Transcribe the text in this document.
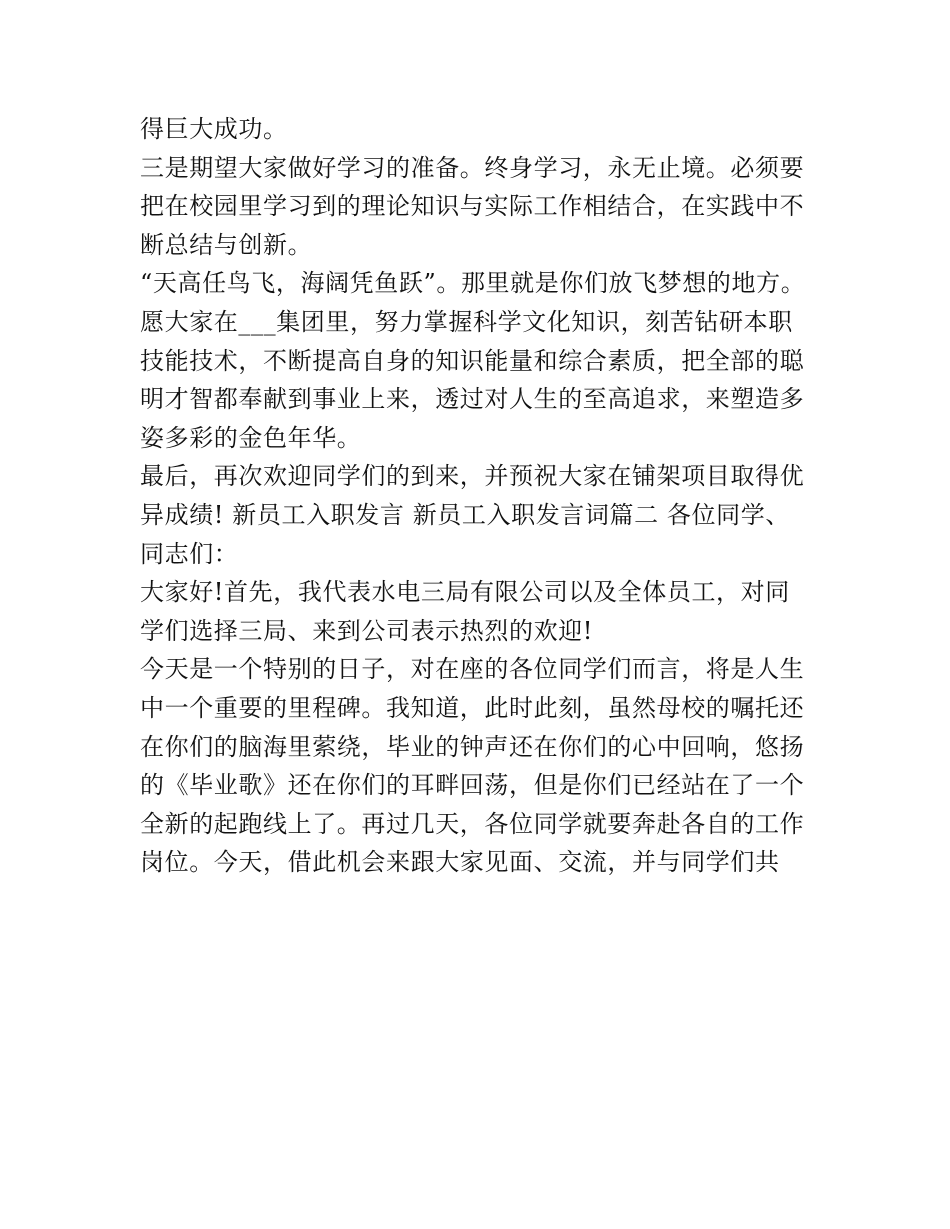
得巨大成功。
三是期望大家做好学习的准备。终身学习，永无止境。必须要
把在校园里学习到的理论知识与实际工作相结合，在实践中不
断总结与创新。
“天高任鸟飞，海阔凭鱼跃”。那里就是你们放飞梦想的地方。
愿大家在___集团里，努力掌握科学文化知识，刻苦钻研本职
技能技术，不断提高自身的知识能量和综合素质，把全部的聪
明才智都奉献到事业上来，透过对人生的至高追求，来塑造多
姿多彩的金色年华。
最后，再次欢迎同学们的到来，并预祝大家在铺架项目取得优
异成绩! 新员工入职发言 新员工入职发言词篇二 各位同学、
同志们：
大家好!首先，我代表水电三局有限公司以及全体员工，对同
学们选择三局、来到公司表示热烈的欢迎!
今天是一个特别的日子，对在座的各位同学们而言，将是人生
中一个重要的里程碑。我知道，此时此刻，虽然母校的嘱托还
在你们的脑海里萦绕，毕业的钟声还在你们的心中回响，悠扬
的《毕业歌》还在你们的耳畔回荡，但是你们已经站在了一个
全新的起跑线上了。再过几天，各位同学就要奔赴各自的工作
岗位。今天，借此机会来跟大家见面、交流，并与同学们共
